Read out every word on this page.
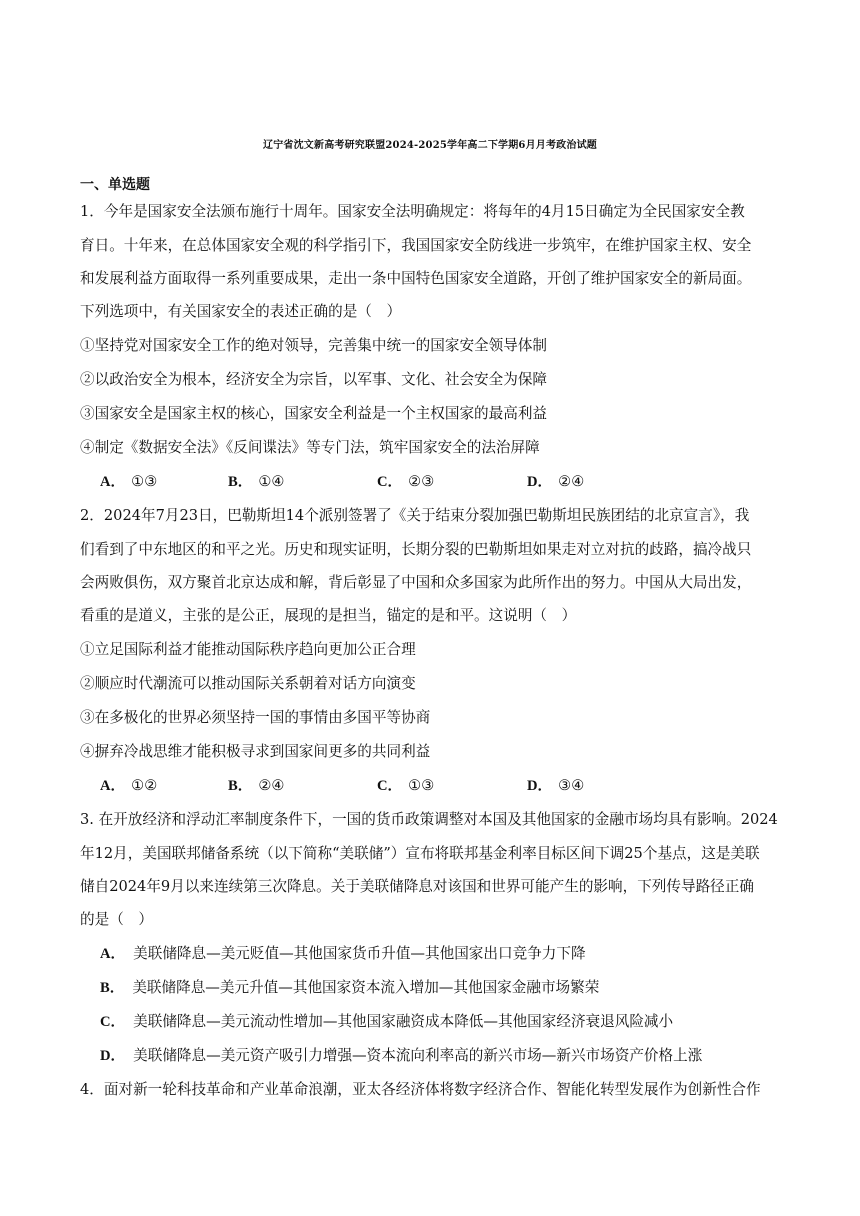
辽宁省沈文新高考研究联盟2024-2025学年高二下学期6月月考政治试题
一、单选题
1．今年是国家安全法颁布施行十周年。国家安全法明确规定：将每年的4月15日确定为全民国家安全教
育日。十年来，在总体国家安全观的科学指引下，我国国家安全防线进一步筑牢，在维护国家主权、安全
和发展利益方面取得一系列重要成果，走出一条中国特色国家安全道路，开创了维护国家安全的新局面。
下列选项中，有关国家安全的表述正确的是（　）
①坚持党对国家安全工作的绝对领导，完善集中统一的国家安全领导体制
②以政治安全为根本，经济安全为宗旨，以军事、文化、社会安全为保障
③国家安全是国家主权的核心，国家安全利益是一个主权国家的最高利益
④制定《数据安全法》《反间谍法》等专门法，筑牢国家安全的法治屏障
A． ①③	B． ①④	C． ②③	D． ②④
2．2024年7月23日，巴勒斯坦14个派别签署了《关于结束分裂加强巴勒斯坦民族团结的北京宣言》，我
们看到了中东地区的和平之光。历史和现实证明，长期分裂的巴勒斯坦如果走对立对抗的歧路，搞冷战只
会两败俱伤，双方聚首北京达成和解，背后彰显了中国和众多国家为此所作出的努力。中国从大局出发，
看重的是道义，主张的是公正，展现的是担当，锚定的是和平。这说明（　）
①立足国际利益才能推动国际秩序趋向更加公正合理
②顺应时代潮流可以推动国际关系朝着对话方向演变
③在多极化的世界必须坚持一国的事情由多国平等协商
④摒弃冷战思维才能积极寻求到国家间更多的共同利益
A． ①②	B． ②④	C． ①③	D． ③④
3. 在开放经济和浮动汇率制度条件下，一国的货币政策调整对本国及其他国家的金融市场均具有影响。2024
年12月，美国联邦储备系统（以下简称“美联储”）宣布将联邦基金利率目标区间下调25个基点，这是美联
储自2024年9月以来连续第三次降息。关于美联储降息对该国和世界可能产生的影响，下列传导路径正确
的是（　）
A． 美联储降息—美元贬值—其他国家货币升值—其他国家出口竞争力下降
B． 美联储降息—美元升值—其他国家资本流入增加—其他国家金融市场繁荣
C． 美联储降息—美元流动性增加—其他国家融资成本降低—其他国家经济衰退风险减小
D． 美联储降息—美元资产吸引力增强—资本流向利率高的新兴市场—新兴市场资产价格上涨
4．面对新一轮科技革命和产业革命浪潮，亚太各经济体将数字经济合作、智能化转型发展作为创新性合作
